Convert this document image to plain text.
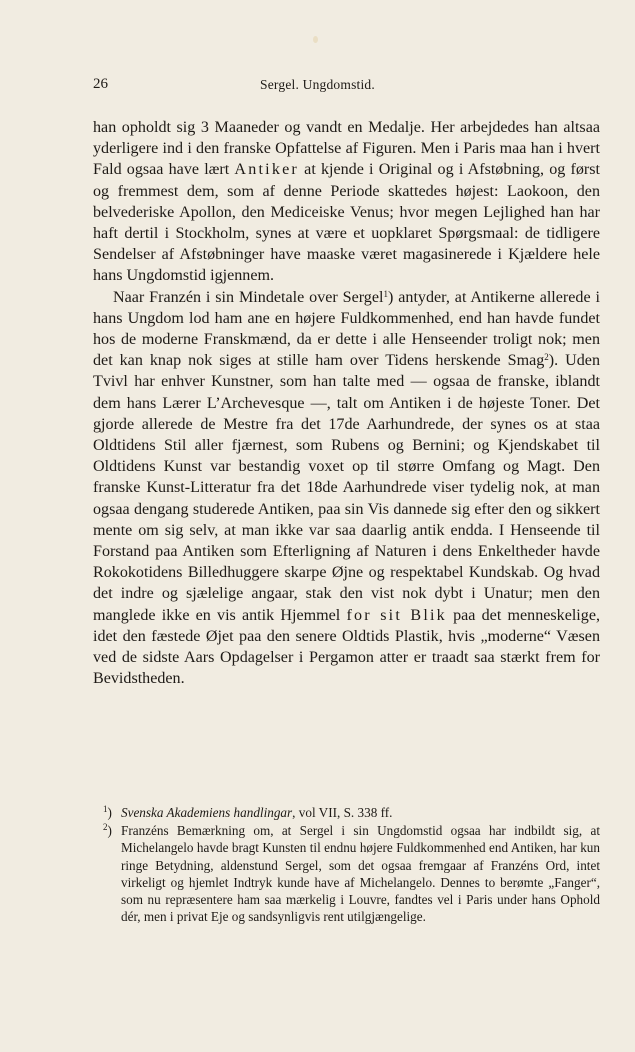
26	Sergel. Ungdomstid.

han opholdt sig 3 Maaneder og vandt en Medalje. Her arbejdedes han altsaa yderligere ind i den franske Opfattelse af Figuren. Men i Paris maa han i hvert Fald ogsaa have lært Antiker at kjende i Original og i Afstøbning, og først og fremmest dem, som af denne Periode skattedes højest: Laokoon, den belvederiske Apollon, den Mediceiske Venus; hvor megen Lejlighed han har haft dertil i Stockholm, synes at være et uopklaret Spørgsmaal: de tidligere Sendelser af Afstøbninger have maaske været magasinerede i Kjældere hele hans Ungdomstid igjennem.

Naar Franzén i sin Mindetale over Sergel$^1$) antyder, at Antikerne allerede i hans Ungdom lod ham ane en højere Fuldkommenhed, end han havde fundet hos de moderne Franskmænd, da er dette i alle Henseender troligt nok; men det kan knap nok siges at stille ham over Tidens herskende Smag$^2$). Uden Tvivl har enhver Kunstner, som han talte med — ogsaa de franske, iblandt dem hans Lærer L’Archevesque —, talt om Antiken i de højeste Toner. Det gjorde allerede de Mestre fra det 17de Aarhundrede, der synes os at staa Oldtidens Stil aller fjærnest, som Rubens og Bernini; og Kjendskabet til Oldtidens Kunst var bestandig voxet op til større Omfang og Magt. Den franske Kunst-Litteratur fra det 18de Aarhundrede viser tydelig nok, at man ogsaa dengang studerede Antiken, paa sin Vis dannede sig efter den og sikkert mente om sig selv, at man ikke var saa daarlig antik endda. I Henseende til Forstand paa Antiken som Efterligning af Naturen i dens Enkeltheder havde Rokokotidens Billedhuggere skarpe Øjne og respektabel Kundskab. Og hvad det indre og sjælelige angaar, stak den vist nok dybt i Unatur; men den manglede ikke en vis antik Hjemmel for sit Blik paa det menneskelige, idet den fæstede Øjet paa den senere Oldtids Plastik, hvis „moderne“ Væsen ved de sidste Aars Opdagelser i Pergamon atter er traadt saa stærkt frem for Bevidstheden.

$^1$) Svenska Akademiens handlingar, vol VII, S. 338 ff.

$^2$) Franzéns Bemærkning om, at Sergel i sin Ungdomstid ogsaa har indbildt sig, at Michelangelo havde bragt Kunsten til endnu højere Fuldkommenhed end Antiken, har kun ringe Betydning, aldenstund Sergel, som det ogsaa fremgaar af Franzéns Ord, intet virkeligt og hjemlet Indtryk kunde have af Michelangelo. Dennes to berømte „Fanger“, som nu repræsentere ham saa mærkelig i Louvre, fandtes vel i Paris under hans Ophold dér, men i privat Eje og sandsynligvis rent utilgjængelige.
